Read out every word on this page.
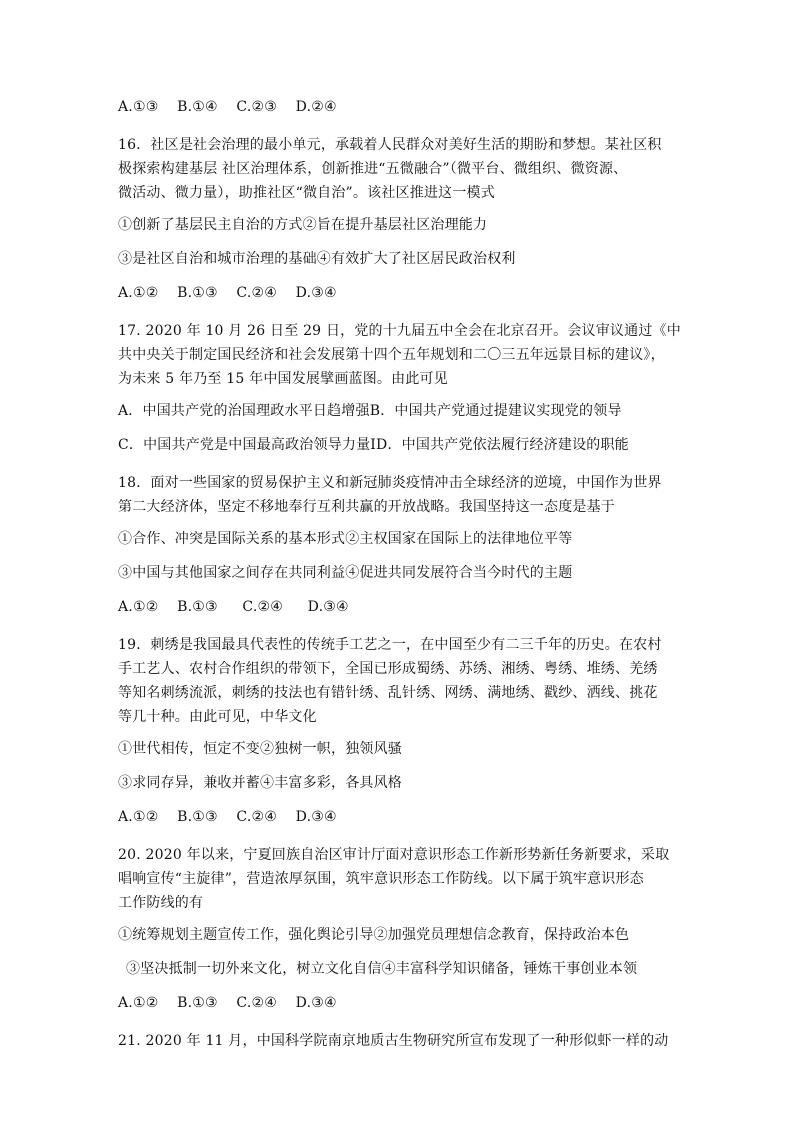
A.①③ B.①④ C.②③ D.②④
16．社区是社会治理的最小单元，承载着人民群众对美好生活的期盼和梦想。某社区积
极探索构建基层 社区治理体系，创新推进“五微融合”（微平台、微组织、微资源、
微活动、微力量），助推社区“微自治”。该社区推进这一模式
①创新了基层民主自治的方式②旨在提升基层社区治理能力
③是社区自治和城市治理的基础④有效扩大了社区居民政治权利
A.①② B.①③ C.②④ D.③④
17. 2020 年 10 月 26 日至 29 日，党的十九届五中全会在北京召开。会议审议通过《中
共中央关于制定国民经济和社会发展第十四个五年规划和二〇三五年远景目标的建议》，
为未来 5 年乃至 15 年中国发展擘画蓝图。由此可见
A．中国共产党的治国理政水平日趋增强B．中国共产党通过提建议实现党的领导
C．中国共产党是中国最高政治领导力量ID．中国共产党依法履行经济建设的职能
18．面对一些国家的贸易保护主义和新冠肺炎疫情冲击全球经济的逆境，中国作为世界
第二大经济体，坚定不移地奉行互利共赢的开放战略。我国坚持这一态度是基于
①合作、冲突是国际关系的基本形式②主权国家在国际上的法律地位平等
③中国与其他国家之间存在共同利益④促进共同发展符合当今时代的主题
A.①② B.①③ C.②④ D.③④
19．刺绣是我国最具代表性的传统手工艺之一，在中国至少有二三千年的历史。在农村
手工艺人、农村合作组织的带领下，全国已形成蜀绣、苏绣、湘绣、粤绣、堆绣、羌绣
等知名刺绣流派，刺绣的技法也有错针绣、乱针绣、网绣、满地绣、戳纱、洒线、挑花
等几十种。由此可见，中华文化
①世代相传，恒定不变②独树一帜，独领风骚
③求同存异，兼收并蓄④丰富多彩，各具风格
A.①② B.①③ C.②④ D.③④
20. 2020 年以来，宁夏回族自治区审计厅面对意识形态工作新形势新任务新要求，采取
唱响宣传“主旋律”，营造浓厚氛围，筑牢意识形态工作防线。以下属于筑牢意识形态
工作防线的有
①统筹规划主题宣传工作，强化舆论引导②加强党员理想信念教育，保持政治本色
③坚决抵制一切外来文化，树立文化自信④丰富科学知识储备，锤炼干事创业本领
A.①② B.①③ C.②④ D.③④
21. 2020 年 11 月，中国科学院南京地质古生物研究所宣布发现了一种形似虾一样的动
